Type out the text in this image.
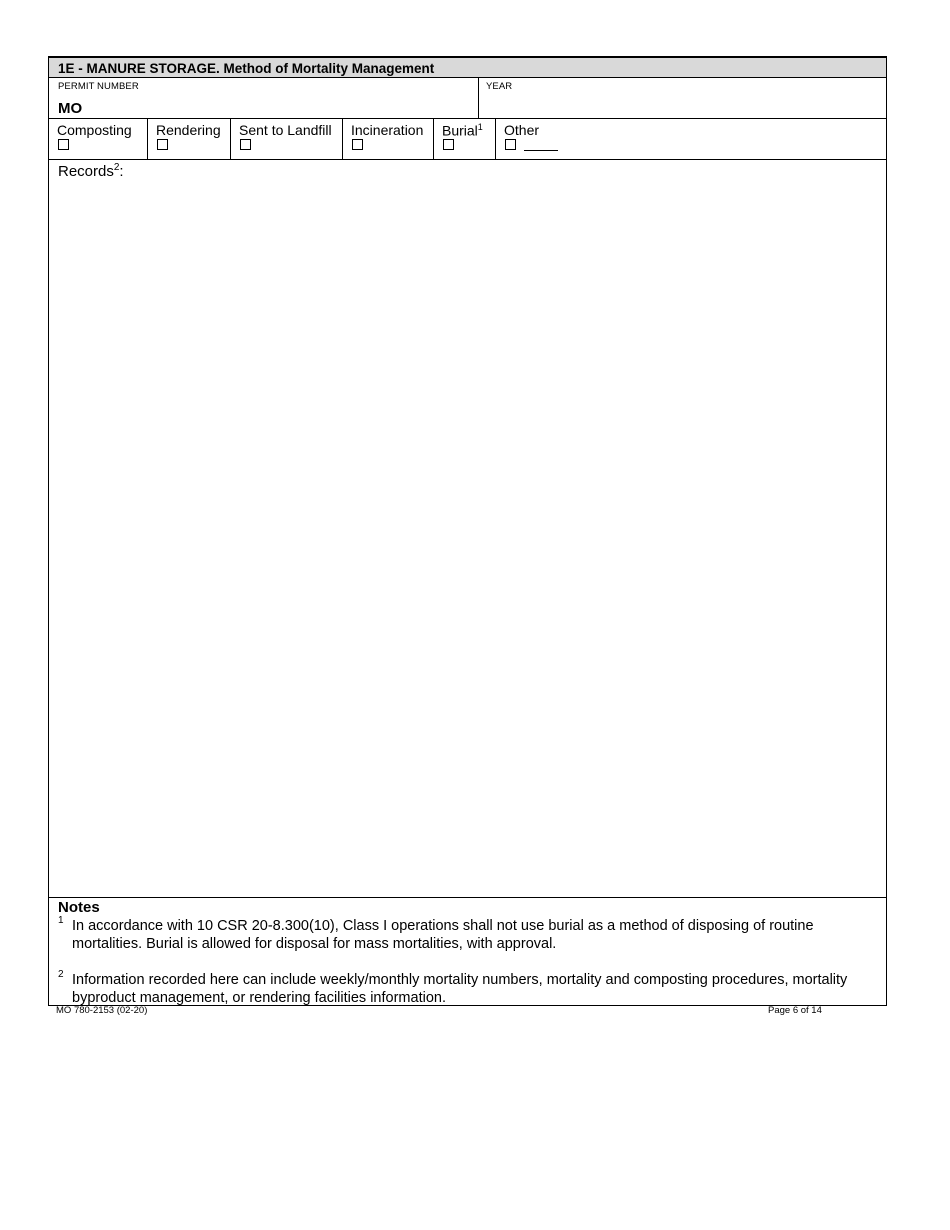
1E - MANURE STORAGE. Method of Mortality Management
PERMIT NUMBER
MO
YEAR
Composting Rendering Sent to Landfill Incineration Burial$^1$ Other
Records$^2$:
Notes
1 In accordance with 10 CSR 20-8.300(10), Class I operations shall not use burial as a method of disposing of routine mortalities. Burial is allowed for disposal for mass mortalities, with approval.
2 Information recorded here can include weekly/monthly mortality numbers, mortality and composting procedures, mortality byproduct management, or rendering facilities information.
MO 780-2153 (02-20)	Page 6 of 14
